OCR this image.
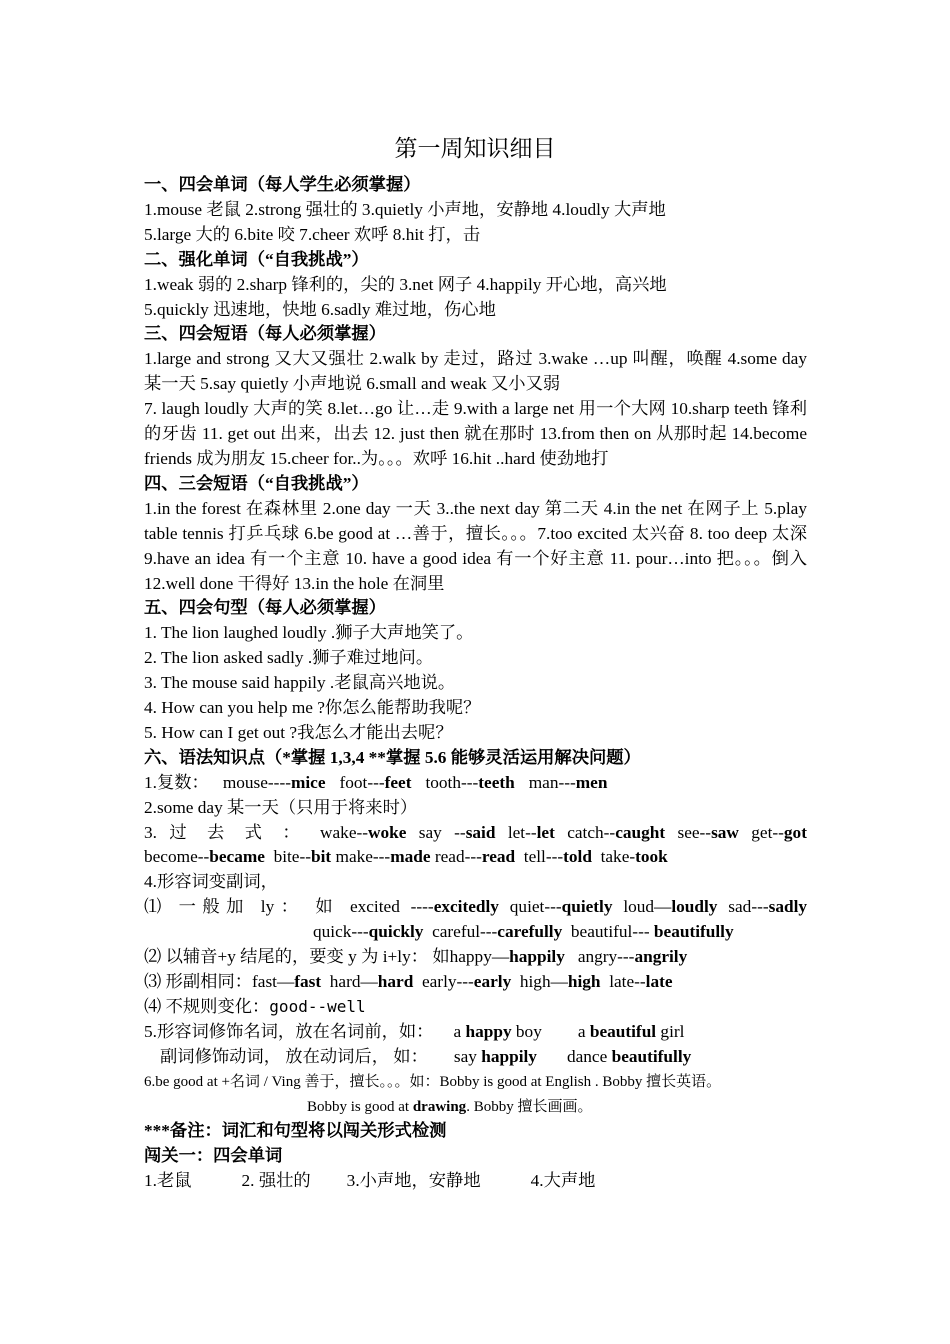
第一周知识细目
一、四会单词（每人学生必须掌握）
1.mouse 老鼠 2.strong 强壮的 3.quietly 小声地，安静地 4.loudly 大声地
5.large 大的 6.bite 咬 7.cheer 欢呼 8.hit 打，击
二、强化单词（“自我挑战”）
1.weak 弱的 2.sharp 锋利的，尖的 3.net 网子 4.happily 开心地，高兴地
5.quickly 迅速地，快地 6.sadly 难过地，伤心地
三、四会短语（每人必须掌握）
1.large and strong 又大又强壮 2.walk by 走过，路过 3.wake …up 叫醒，唤醒 4.some day 某一天 5.say quietly 小声地说 6.small and weak 又小又弱
7. laugh loudly 大声的笑 8.let…go 让…走 9.with a large net 用一个大网 10.sharp teeth 锋利的牙齿 11. get out 出来，出去 12. just then 就在那时 13.from then on 从那时起 14.become friends 成为朋友 15.cheer for..为。。。欢呼 16.hit ..hard 使劲地打
四、三会短语（“自我挑战”）
1.in the forest 在森林里 2.one day 一天 3..the next day 第二天 4.in the net 在网子上 5.play table tennis 打乒乓球 6.be good at …善于，擅长。。。7.too excited 太兴奋 8. too deep 太深 9.have an idea 有一个主意 10. have a good idea 有一个好主意 11. pour…into 把。。。倒入 12.well done 干得好 13.in the hole 在洞里
五、四会句型（每人必须掌握）
1. The lion laughed loudly .狮子大声地笑了。
2. The lion asked sadly .狮子难过地问。
3. The mouse said happily .老鼠高兴地说。
4. How can you help me ?你怎么能帮助我呢？
5. How can I get out ?我怎么才能出去呢？
六、语法知识点（*掌握 1,3,4 **掌握 5.6 能够灵活运用解决问题）
1.复数： mouse----mice foot---feet tooth---teeth man---men
2.some day 某一天（只用于将来时）
3. 过 去 式 ： wake--woke say --said let--let catch--caught see--saw get--got
become--became bite--bit make---made read---read tell---told take-took
4.形容词变副词，
⑴ 一般加 ly： 如 excited ----excitedly quiet---quietly loud—loudly sad---sadly
quick---quickly careful---carefully beautiful--- beautifully
⑵ 以辅音+y 结尾的，要变 y 为 i+ly： 如happy—happily angry---angrily
⑶ 形副相同：fast—fast hard—hard early---early high—high late--late
⑷ 不规则变化：good--well
5.形容词修饰名词，放在名词前，如： a happy boy a beautiful girl
副词修饰动词， 放在动词后， 如： say happily dance beautifully
6.be good at +名词 / Ving 善于，擅长。。。如：Bobby is good at English . Bobby 擅长英语。
Bobby is good at drawing. Bobby 擅长画画。
***备注：词汇和句型将以闯关形式检测
闯关一：四会单词
1.老鼠	2. 强壮的 3.小声地，安静地	4.大声地
